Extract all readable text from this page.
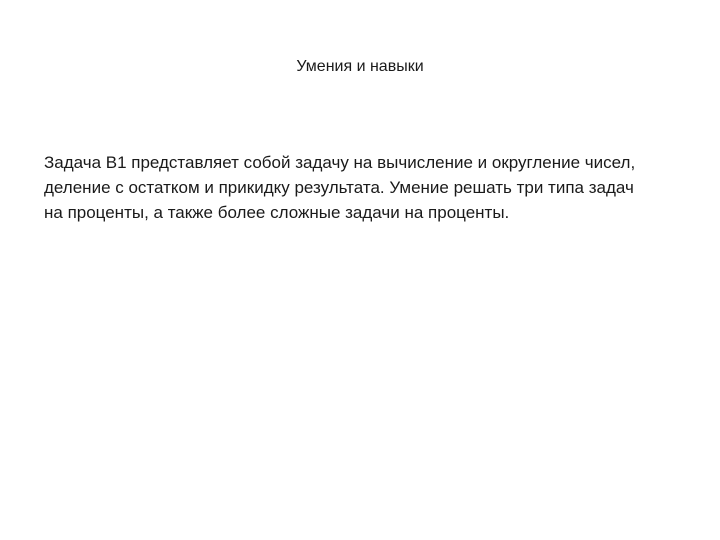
Умения и навыки
Задача B1 представляет собой задачу на вычисление и округление чисел,
деление с остатком и прикидку результата. Умение решать три типа задач
на проценты, а также более сложные задачи на проценты.
